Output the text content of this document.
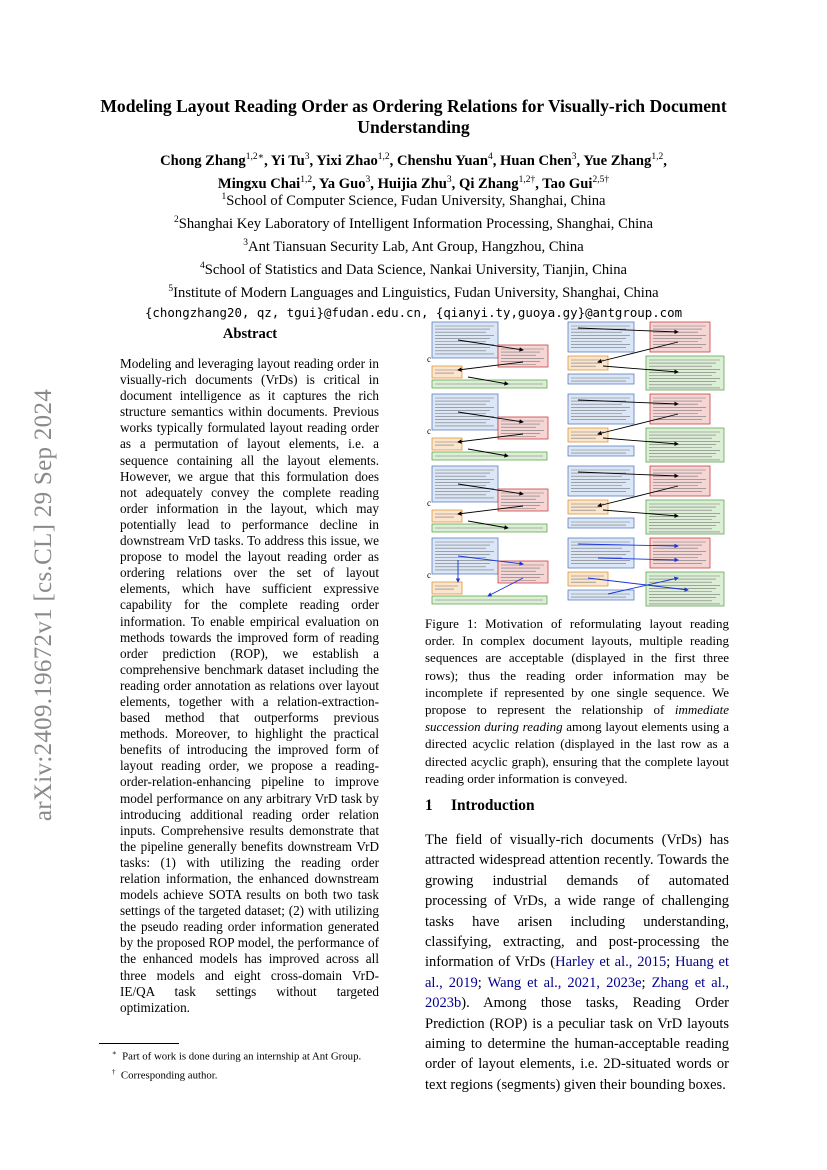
Modeling Layout Reading Order as Ordering Relations for Visually-rich Document Understanding
Chong Zhang$^{1,2∗}$, Yi Tu$^3$, Yixi Zhao$^{1,2}$, Chenshu Yuan$^4$, Huan Chen$^3$, Yue Zhang$^{1,2}$,
Mingxu Chai$^{1,2}$, Ya Guo$^3$, Huijia Zhu$^3$, Qi Zhang$^{1,2\dagger}$, Tao Gui$^{2,5\dagger}$
$^1$School of Computer Science, Fudan University, Shanghai, China
$^2$Shanghai Key Laboratory of Intelligent Information Processing, Shanghai, China
$^3$Ant Tiansuan Security Lab, Ant Group, Hangzhou, China
$^4$School of Statistics and Data Science, Nankai University, Tianjin, China
$^5$Institute of Modern Languages and Linguistics, Fudan University, Shanghai, China
{chongzhang20, qz, tgui}@fudan.edu.cn, {qianyi.ty,guoya.gy}@antgroup.com
arXiv:2409.19672v1 [cs.CL] 29 Sep 2024
Abstract
Modeling and leveraging layout reading order in visually-rich documents (VrDs) is critical in document intelligence as it captures the rich structure semantics within documents. Previous works typically formulated layout reading order as a permutation of layout elements, i.e. a sequence containing all the layout elements. However, we argue that this formulation does not adequately convey the complete reading order information in the layout, which may potentially lead to performance decline in downstream VrD tasks. To address this issue, we propose to model the layout reading order as ordering relations over the set of layout elements, which have sufficient expressive capability for the complete reading order information. To enable empirical evaluation on methods towards the improved form of reading order prediction (ROP), we establish a comprehensive benchmark dataset including the reading order annotation as relations over layout elements, together with a relation-extraction-based method that outperforms previous methods. Moreover, to highlight the practical benefits of introducing the improved form of layout reading order, we propose a reading-order-relation-enhancing pipeline to improve model performance on any arbitrary VrD task by introducing additional reading order relation inputs. Comprehensive results demonstrate that the pipeline generally benefits downstream VrD tasks: (1) with utilizing the reading order relation information, the enhanced downstream models achieve SOTA results on both two task settings of the targeted dataset; (2) with utilizing the pseudo reading order information generated by the proposed ROP model, the performance of the enhanced models has improved across all three models and eight cross-domain VrD-IE/QA task settings without targeted optimization.
∗ Part of work is done during an internship at Ant Group.
† Corresponding author.
c
c
c
c
Figure 1: Motivation of reformulating layout reading order. In complex document layouts, multiple reading sequences are acceptable (displayed in the first three rows); thus the reading order information may be incomplete if represented by one single sequence. We propose to represent the relationship of immediate succession during reading among layout elements using a directed acyclic relation (displayed in the last row as a directed acyclic graph), ensuring that the complete layout reading order information is conveyed.
1 Introduction
The field of visually-rich documents (VrDs) has attracted widespread attention recently. Towards the growing industrial demands of automated processing of VrDs, a wide range of challenging tasks have arisen including understanding, classifying, extracting, and post-processing the information of VrDs (Harley et al., 2015; Huang et al., 2019; Wang et al., 2021, 2023e; Zhang et al., 2023b). Among those tasks, Reading Order Prediction (ROP) is a peculiar task on VrD layouts aiming to determine the human-acceptable reading order of layout elements, i.e. 2D-situated words or text regions (segments) given their bounding boxes.
